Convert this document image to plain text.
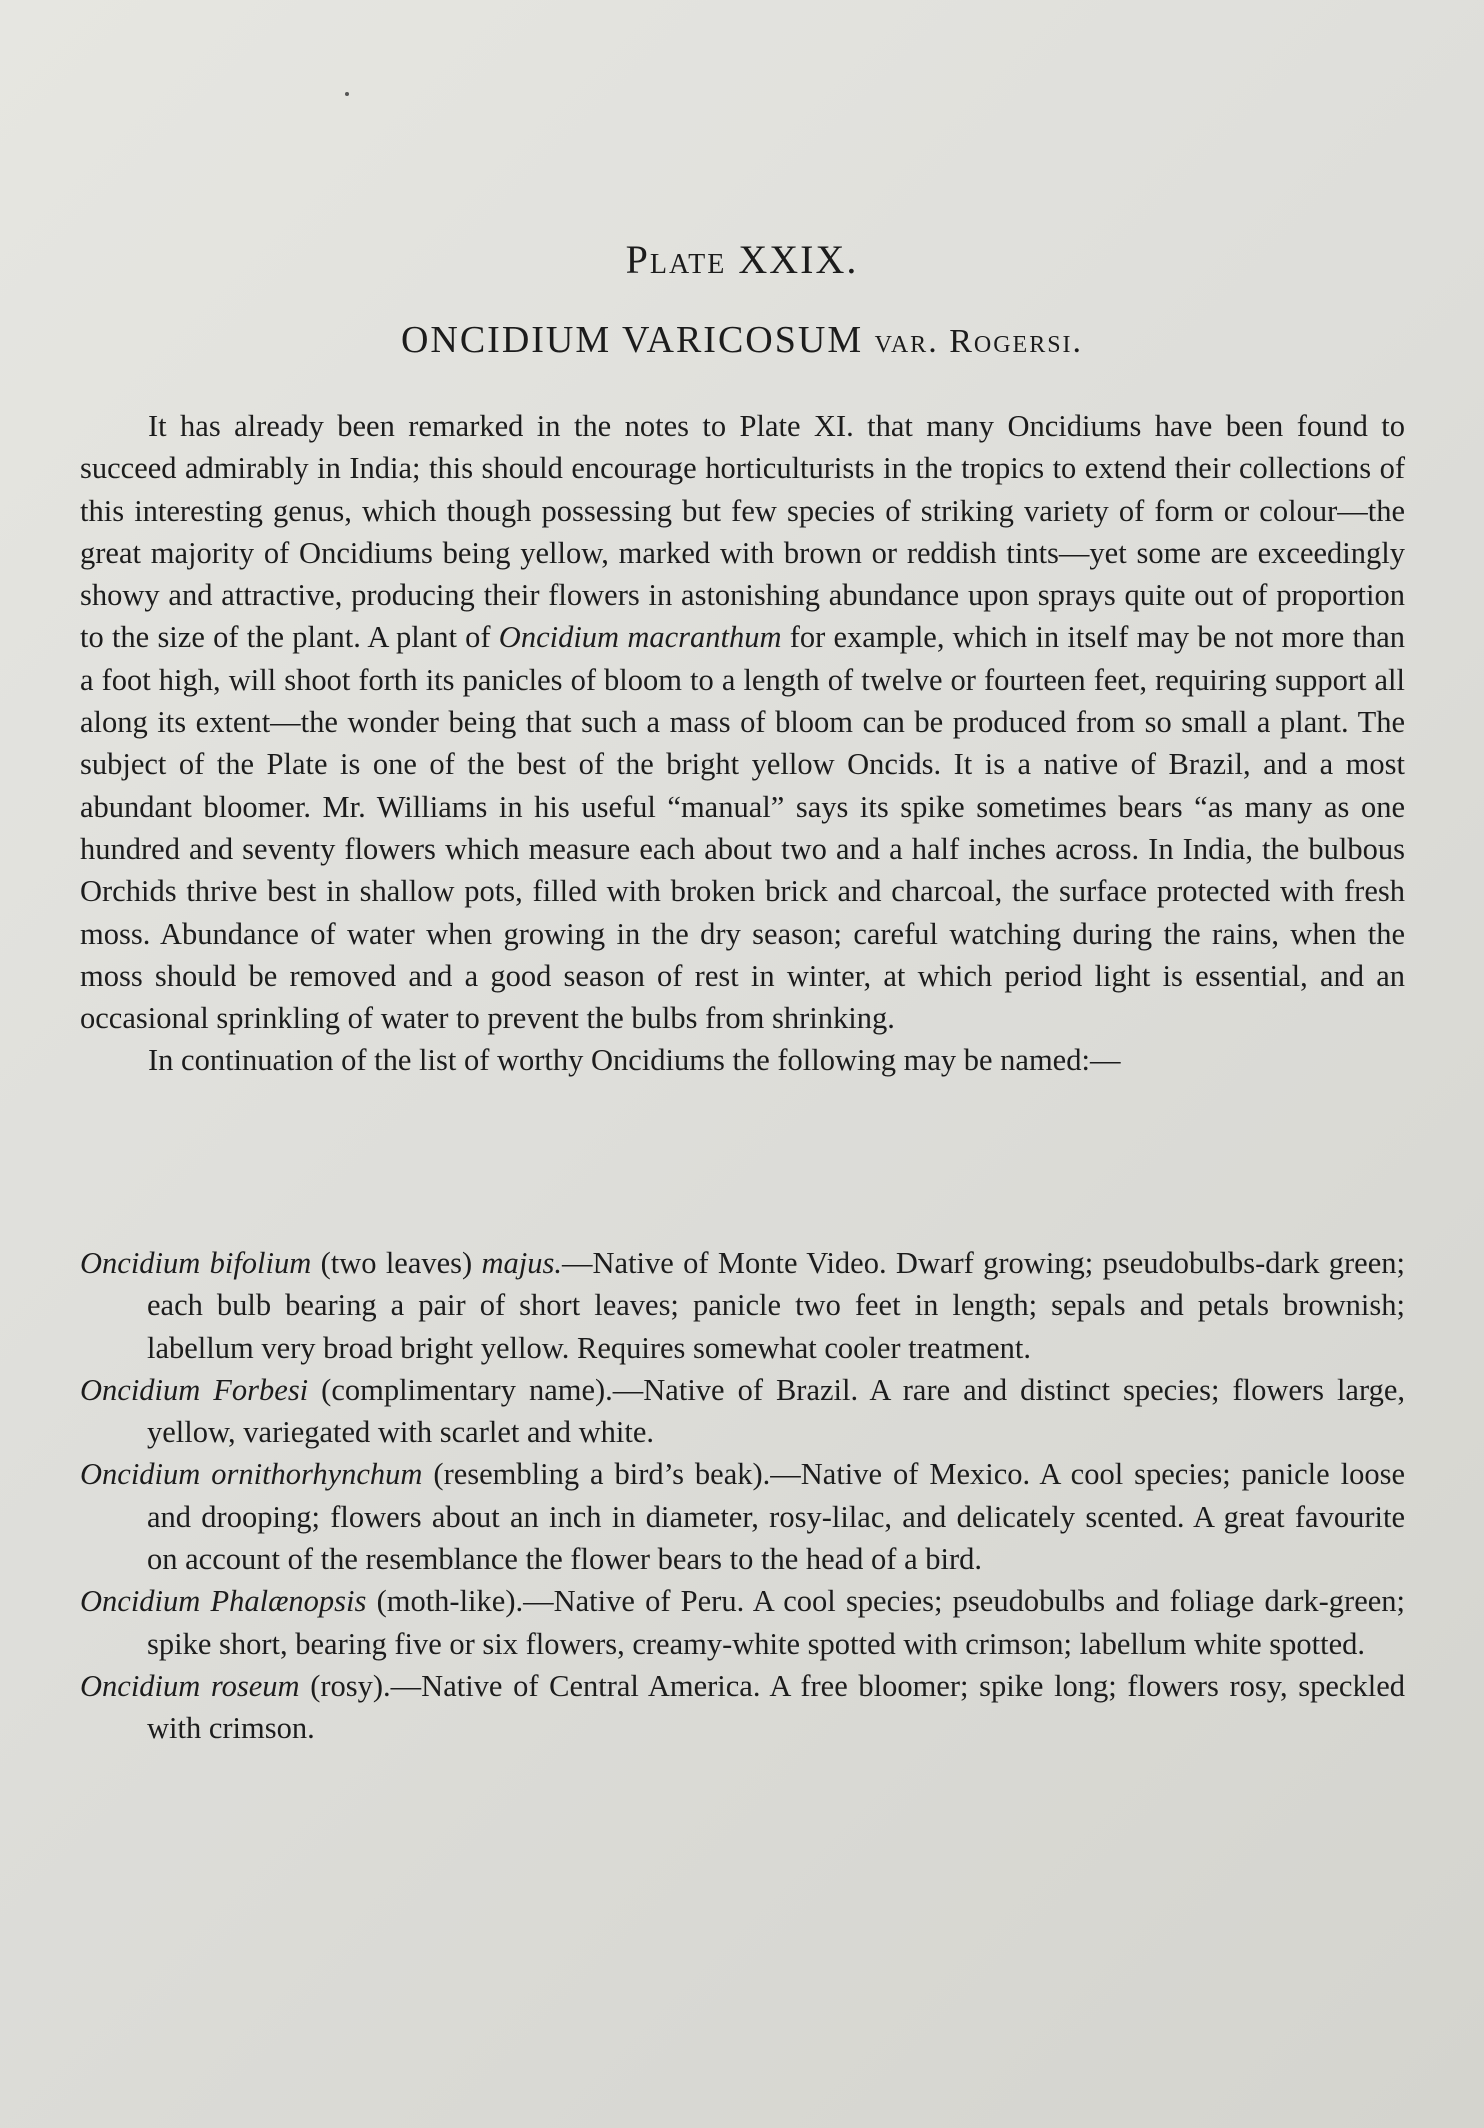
Plate XXIX.
ONCIDIUM VARICOSUM var. Rogersi.

It has already been remarked in the notes to Plate XI. that many Oncidiums have been found to succeed admirably in India; this should encourage horticulturists in the tropics to extend their collections of this interesting genus, which though possessing but few species of striking variety of form or colour—the great majority of Oncidiums being yellow, marked with brown or reddish tints—yet some are exceedingly showy and attractive, producing their flowers in astonishing abundance upon sprays quite out of proportion to the size of the plant. A plant of Oncidium macranthum for example, which in itself may be not more than a foot high, will shoot forth its panicles of bloom to a length of twelve or fourteen feet, requiring support all along its extent—the wonder being that such a mass of bloom can be produced from so small a plant. The subject of the Plate is one of the best of the bright yellow Oncids. It is a native of Brazil, and a most abundant bloomer. Mr. Williams in his useful “manual” says its spike sometimes bears “as many as one hundred and seventy flowers which measure each about two and a half inches across. In India, the bulbous Orchids thrive best in shallow pots, filled with broken brick and charcoal, the surface protected with fresh moss. Abundance of water when growing in the dry season; careful watching during the rains, when the moss should be removed and a good season of rest in winter, at which period light is essential, and an occasional sprinkling of water to prevent the bulbs from shrinking.

In continuation of the list of worthy Oncidiums the following may be named:—

Oncidium bifolium (two leaves) majus.—Native of Monte Video. Dwarf growing; pseudobulbs-dark green; each bulb bearing a pair of short leaves; panicle two feet in length; sepals and petals brownish; labellum very broad bright yellow. Requires somewhat cooler treatment.

Oncidium Forbesi (complimentary name).—Native of Brazil. A rare and distinct species; flowers large, yellow, variegated with scarlet and white.

Oncidium ornithorhynchum (resembling a bird’s beak).—Native of Mexico. A cool species; panicle loose and drooping; flowers about an inch in diameter, rosy-lilac, and delicately scented. A great favourite on account of the resemblance the flower bears to the head of a bird.

Oncidium Phalænopsis (moth-like).—Native of Peru. A cool species; pseudobulbs and foliage dark-green; spike short, bearing five or six flowers, creamy-white spotted with crimson; labellum white spotted.

Oncidium roseum (rosy).—Native of Central America. A free bloomer; spike long; flowers rosy, speckled with crimson.
